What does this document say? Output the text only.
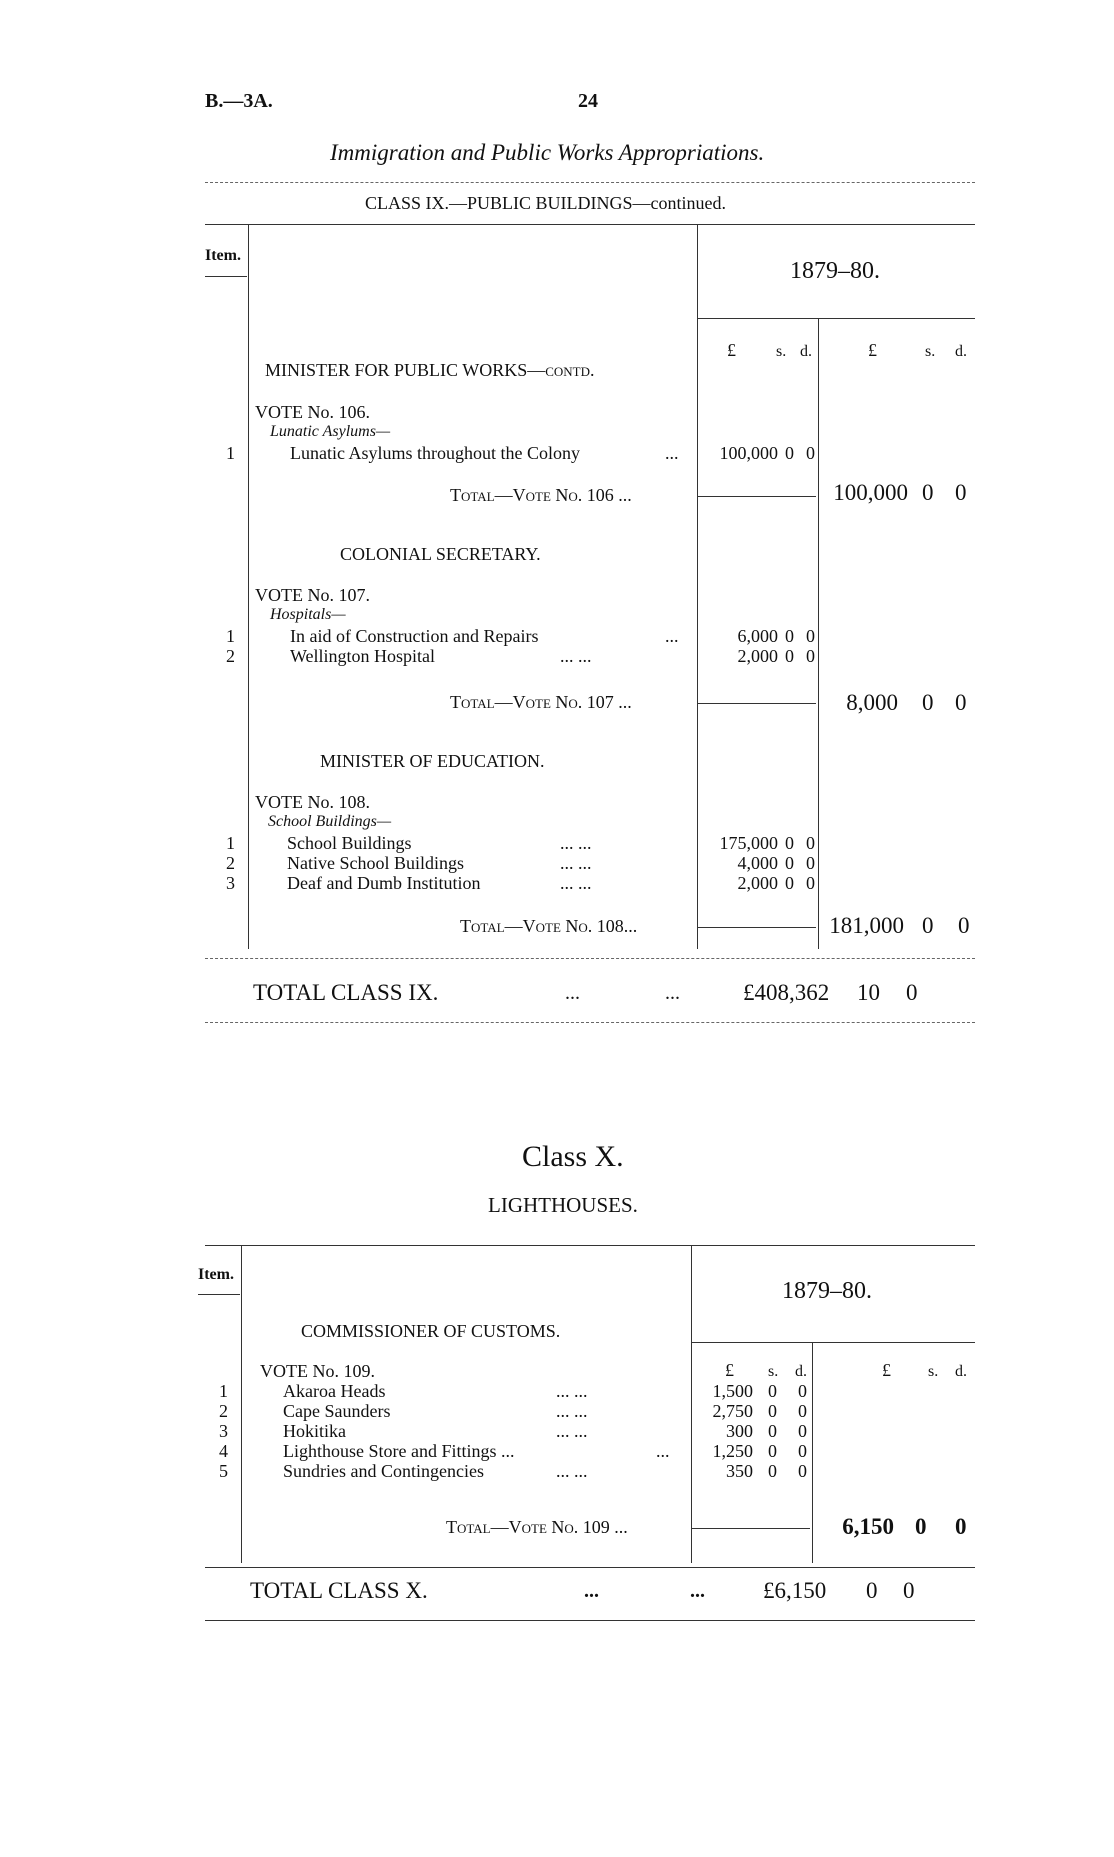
B.—3A.	24
Immigration and Public Works Appropriations.
CLASS IX.—PUBLIC BUILDINGS—continued.
Item.
1879–80.
£	s. d.	£	s. d.
MINISTER FOR PUBLIC WORKS—contd.
VOTE No. 106.
Lunatic Asylums—
1	Lunatic Asylums throughout the Colony	...	100,000 0 0
Total—Vote No. 106 ...	100,000 0 0
COLONIAL SECRETARY.
VOTE No. 107.
Hospitals—
1	In aid of Construction and Repairs	...	6,000 0 0
2	Wellington Hospital	... ...	2,000 0 0
Total—Vote No. 107 ...	8,000 0 0
MINISTER OF EDUCATION.
VOTE No. 108.
School Buildings—
1	School Buildings	... ...	175,000 0 0
2	Native School Buildings	... ...	4,000 0 0
3	Deaf and Dumb Institution	... ...	2,000 0 0
Total—Vote No. 108...	181,000 0 0
TOTAL CLASS IX.	...	...	£408,362 10 0
Class X.
LIGHTHOUSES.
Item.
1879–80.
COMMISSIONER OF CUSTOMS.
£ s. d.	£ s. d.
VOTE No. 109.
1	Akaroa Heads	... ...	1,500 0 0
2	Cape Saunders	... ...	2,750 0 0
3	Hokitika	... ...	300 0 0
4	Lighthouse Store and Fittings ...	...	1,250 0 0
5	Sundries and Contingencies	... ...	350 0 0
Total—Vote No. 109 ...	6,150 0 0
TOTAL CLASS X.	...	...	£6,150 0 0
